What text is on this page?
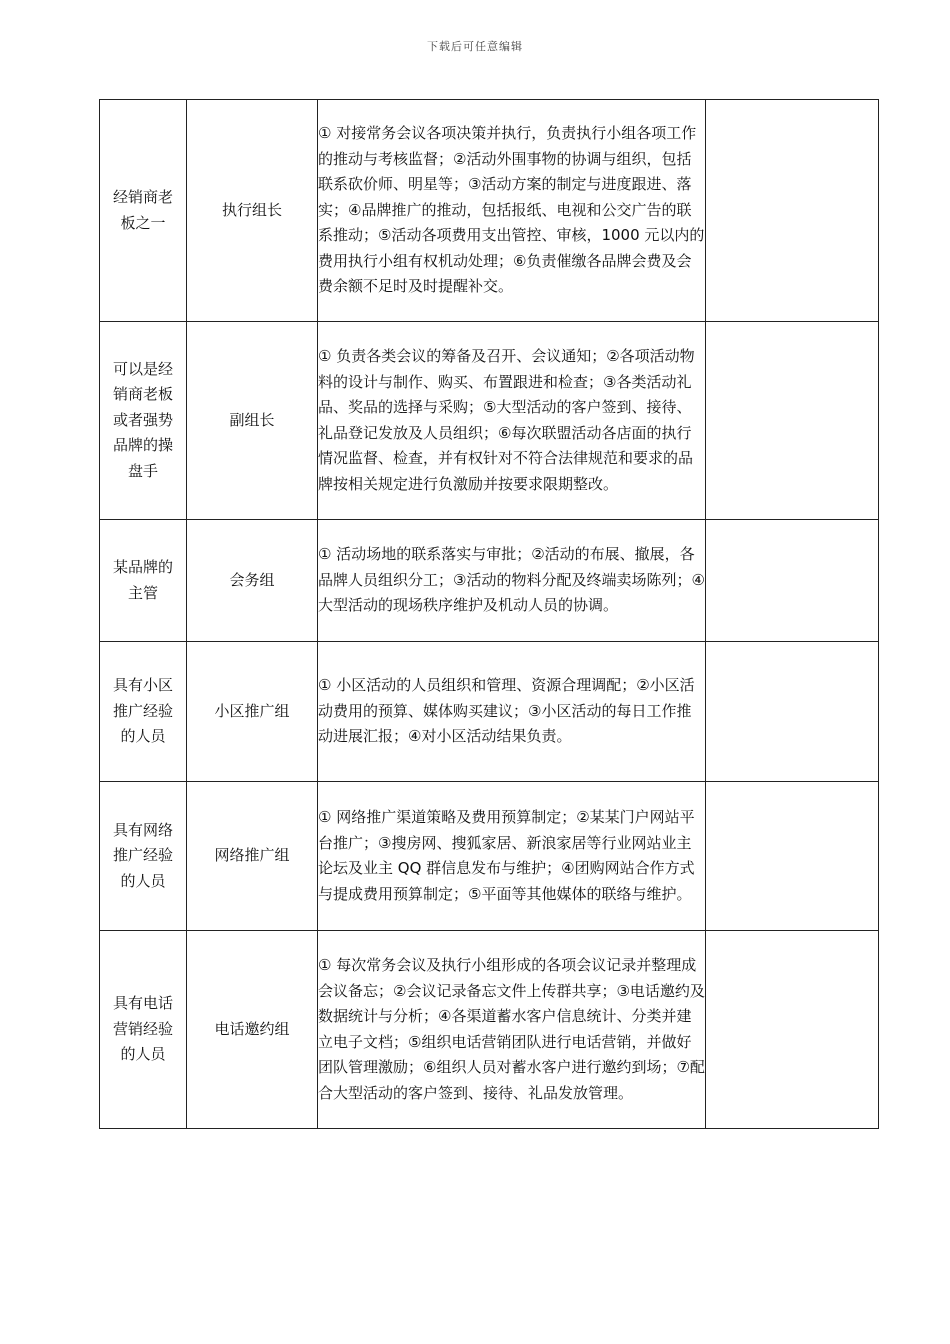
下载后可任意编辑
经销商老板之一	执行组长	① 对接常务会议各项决策并执行，负责执行小组各项工作的推动与考核监督；②活动外围事物的协调与组织，包括联系砍价师、明星等；③活动方案的制定与进度跟进、落实；④品牌推广的推动，包括报纸、电视和公交广告的联系推动；⑤活动各项费用支出管控、审核，1000 元以内的费用执行小组有权机动处理；⑥负责催缴各品牌会费及会费余额不足时及时提醒补交。	

可以是经销商老板或者强势品牌的操盘手	副组长	① 负责各类会议的筹备及召开、会议通知；②各项活动物料的设计与制作、购买、布置跟进和检查；③各类活动礼品、奖品的选择与采购；⑤大型活动的客户签到、接待、礼品登记发放及人员组织；⑥每次联盟活动各店面的执行情况监督、检查，并有权针对不符合法律规范和要求的品牌按相关规定进行负激励并按要求限期整改。	

某品牌的主管	会务组	① 活动场地的联系落实与审批；②活动的布展、撤展，各品牌人员组织分工；③活动的物料分配及终端卖场陈列；④大型活动的现场秩序维护及机动人员的协调。	

具有小区推广经验的人员	小区推广组	① 小区活动的人员组织和管理、资源合理调配；②小区活动费用的预算、媒体购买建议；③小区活动的每日工作推动进展汇报；④对小区活动结果负责。	

具有网络推广经验的人员	网络推广组	① 网络推广渠道策略及费用预算制定；②某某门户网站平台推广；③搜房网、搜狐家居、新浪家居等行业网站业主论坛及业主 QQ 群信息发布与维护；④团购网站合作方式与提成费用预算制定；⑤平面等其他媒体的联络与维护。	

具有电话营销经验的人员	电话邀约组	① 每次常务会议及执行小组形成的各项会议记录并整理成会议备忘；②会议记录备忘文件上传群共享；③电话邀约及数据统计与分析；④各渠道蓄水客户信息统计、分类并建立电子文档；⑤组织电话营销团队进行电话营销，并做好团队管理激励；⑥组织人员对蓄水客户进行邀约到场；⑦配合大型活动的客户签到、接待、礼品发放管理。	
